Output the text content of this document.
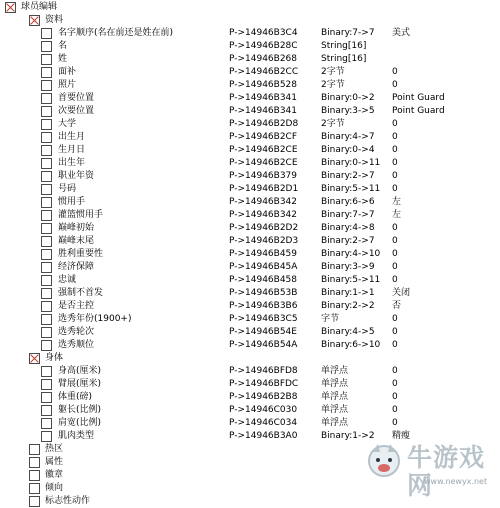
球员编辑
资料
名字顺序(名在前还是姓在前)	P->14946B3C4	Binary:7->7 美式
名	P->14946B28C	String[16]
姓	P->14946B268	String[16]
面补	P->14946B2CC	2字节	0
照片	P->14946B528	2字节	0
首要位置	P->14946B341	Binary:0->2 Point Guard
次要位置	P->14946B341	Binary:3->5 Point Guard
大学	P->14946B2D8	2字节	0
出生月	P->14946B2CF	Binary:4->7 0
生月日	P->14946B2CE	Binary:0->4 0
出生年	P->14946B2CE	Binary:0->11 0
职业年资	P->14946B379	Binary:2->7 0
号码	P->14946B2D1	Binary:5->11 0
惯用手	P->14946B342	Binary:6->6 左
灌篮惯用手	P->14946B342	Binary:7->7 左
巅峰初始	P->14946B2D2	Binary:4->8 0
巅峰末尾	P->14946B2D3	Binary:2->7 0
胜利重要性	P->14946B459	Binary:4->10 0
经济保障	P->14946B45A	Binary:3->9 0
忠诚	P->14946B458	Binary:5->11 0
强制不首发	P->14946B53B	Binary:1->1 关闭
是否主控	P->14946B3B6	Binary:2->2 否
选秀年份(1900+)	P->14946B3C5	字节	0
选秀轮次	P->14946B54E	Binary:4->5 0
选秀顺位	P->14946B54A	Binary:6->10 0
身体
身高(厘米)	P->14946BFD8	单浮点	0
臂展(厘米)	P->14946BFDC	单浮点	0
体重(磅)	P->14946B2B8	单浮点	0
躯长(比例)	P->14946C030	单浮点	0
肩宽(比例)	P->14946C034	单浮点	0
肌肉类型	P->14946B3A0	Binary:1->2 精瘦
热区
属性
徽章
倾向
标志性动作
牛游戏网
www.newyx.net
